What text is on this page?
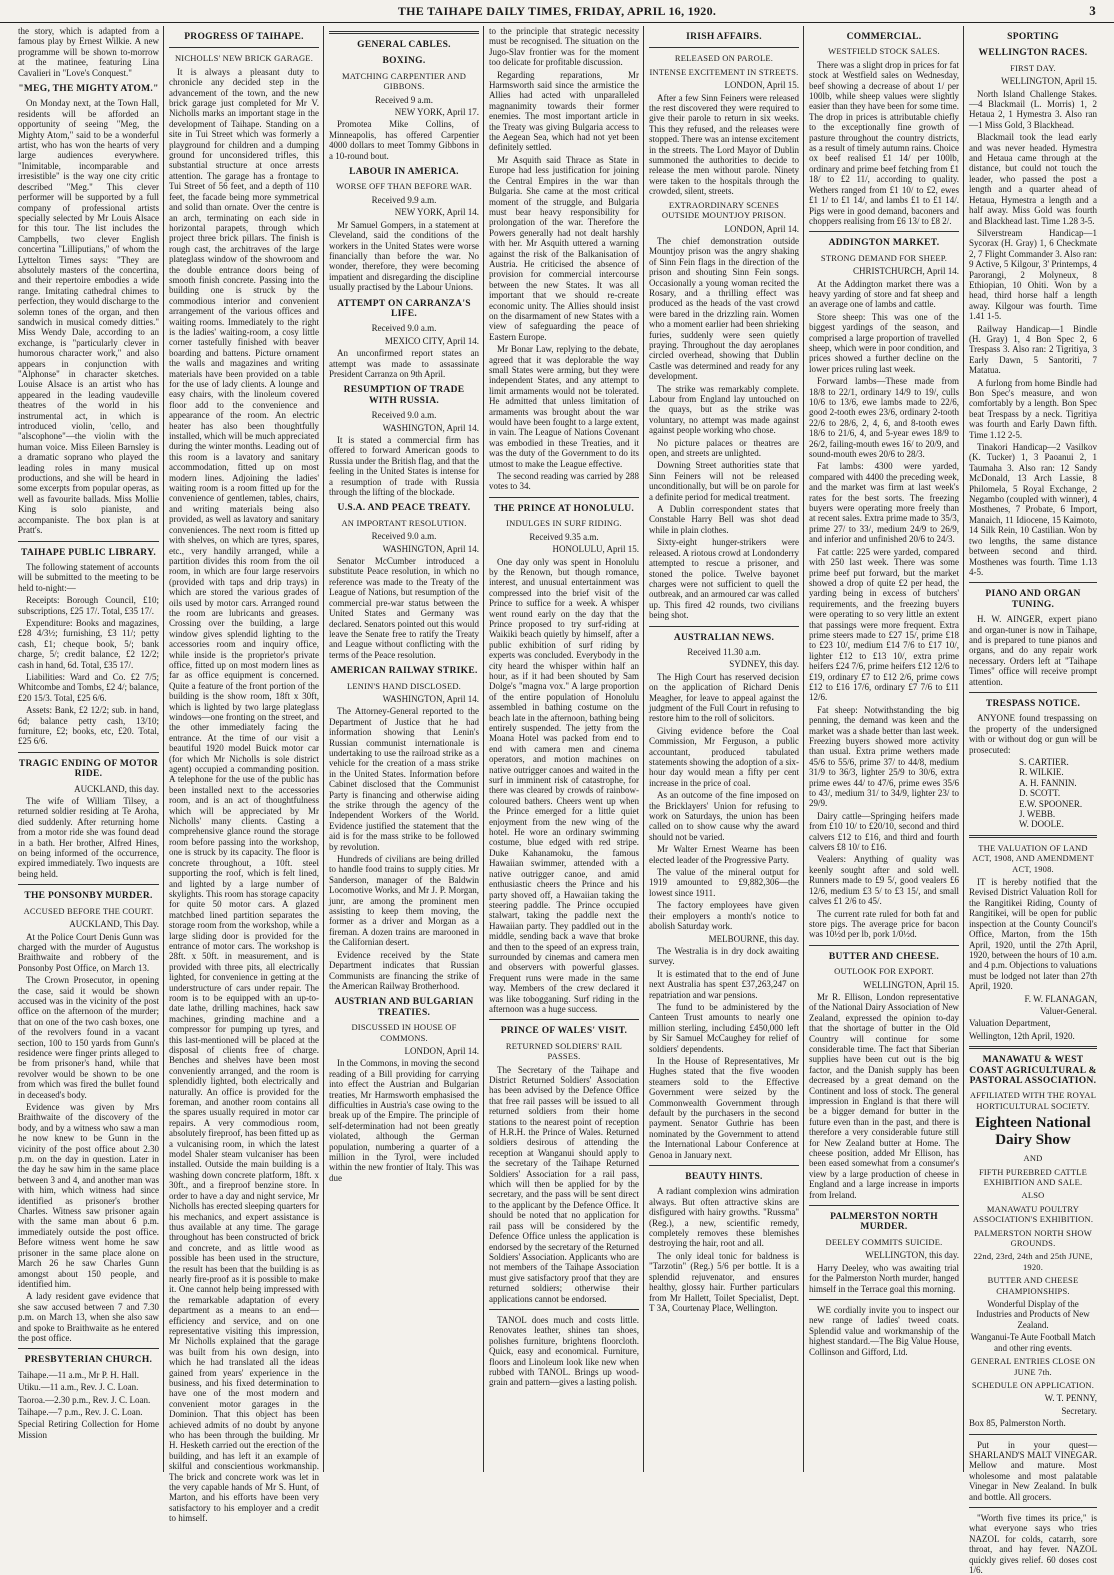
THE TAIHAPE DAILY TIMES, FRIDAY, APRIL 16, 1920.	3

the story, which is adapted from a famous play by Ernest Wilkie. A new programme will be shown to-morrow at the matinee, featuring Lina Cavalieri in "Love's Conquest."

"MEG, THE MIGHTY ATOM."

On Monday next, at the Town Hall, residents will be afforded an opportunity of seeing "Meg, the Mighty Atom," said to be a wonderful artist, who has won the hearts of very large audiences everywhere. "Inimitable, incomparable and irresistible" is the way one city critic described "Meg." This clever performer will be supported by a full company of professional artists specially selected by Mr Louis Alsace for this tour. The list includes the Campbells, two clever English concertina "Lilliputians," of whom the Lyttelton Times says: "They are absolutely masters of the concertina, and their repertoire embodies a wide range. Imitating cathedral chimes to perfection, they would discharge to the solemn tones of the organ, and then sandwich in musical comedy ditties." Miss Wendy Dale, according to an exchange, is "particularly clever in humorous character work," and also appears in conjunction with "Alphonse" in character sketches. Louise Alsace is an artist who has appeared in the leading vaudeville theatres of the world in his instrumental act, in which is introduced violin, 'cello, and "alscophone"—the violin with the human voice. Miss Eileen Barnsley is a dramatic soprano who played the leading roles in many musical productions, and she will be heard in some excerpts from popular operas, as well as favourite ballads. Miss Mollie King is solo pianiste, and accompaniste. The box plan is at Pratt's.

TAIHAPE PUBLIC LIBRARY.

The following statement of accounts will be submitted to the meeting to be held to-night:—

Receipts: Borough Council, £10; subscriptions, £25 17/. Total, £35 17/.

Expenditure: Books and magazines, £28 4/3½; furnishing, £3 11/; petty cash, £1; cheque book, 5/; bank charge, 5/; credit balance, £2 12/2; cash in hand, 6d. Total, £35 17/.

Liabilities: Ward and Co. £2 7/5; Whitcombe and Tombs, £2 4/; balance, £20 15/3. Total, £25 6/6.

Assets: Bank, £2 12/2; sub. in hand, 6d; balance petty cash, 13/10; furniture, £2; books, etc, £20. Total, £25 6/6.

TRAGIC ENDING OF MOTOR RIDE.

AUCKLAND, this day.

The wife of William Tilsey, a returned soldier residing at Te Aroha, died suddenly. After returning home from a motor ride she was found dead in a bath. Her brother, Alfred Hines, on being informed of the occurrence, expired immediately. Two inquests are being held.

THE PONSONBY MURDER.
ACCUSED BEFORE THE COURT.

AUCKLAND, This Day.

At the Police Court Denis Gunn was charged with the murder of Augustus Braithwaite and robbery of the Ponsonby Post Office, on March 13.

The Crown Prosecutor, in opening the case, said it would be shown accused was in the vicinity of the post office on the afternoon of the murder; that on one of the two cash boxes, one of the revolvers found in a vacant section, 100 to 150 yards from Gunn's residence were finger prints alleged to be from prisoner's hand, while that revolver would be shown to be one from which was fired the bullet found in deceased's body.

Evidence was given by Mrs Braithwaite of the discovery of the body, and by a witness who saw a man he now knew to be Gunn in the vicinity of the post office about 2.30 p.m. on the day in question. Later in the day he saw him in the same place between 3 and 4, and another man was with him, which witness had since identified as prisoner's brother Charles. Witness saw prisoner again with the same man about 6 p.m. immediately outside the post office. Before witness went home he saw prisoner in the same place alone on March 26 he saw Charles Gunn amongst about 150 people, and identified him.

A lady resident gave evidence that she saw accused between 7 and 7.30 p.m. on March 13, when she also saw and spoke to Braithwaite as he entered the post office.

PRESBYTERIAN CHURCH.

Taihape.—11 a.m., Mr P. H. Hall.

Utiku.—11 a.m., Rev. J. C. Loan.

Taoroa.—2.30 p.m., Rev. J. C. Loan.

Taihape.—7 p.m., Rev. J. C. Loan.

Special Retiring Collection for Home Mission

PROGRESS OF TAIHAPE.
NICHOLLS' NEW BRICK GARAGE.

It is always a pleasant duty to chronicle any decided step in the advancement of the town, and the new brick garage just completed for Mr V. Nicholls marks an important stage in the development of Taihape. Standing on a site in Tui Street which was formerly a playground for children and a dumping ground for unconsidered trifles, this substantial structure at once arrests attention. The garage has a frontage to Tui Street of 56 feet, and a depth of 110 feet, the facade being more symmetrical and solid than ornate. Over the centre is an arch, terminating on each side in horizontal parapets, through which project three brick pillars. The finish is rough cast, the architraves of the large plateglass window of the showroom and the double entrance doors being of smooth finish concrete. Passing into the building one is struck by the commodious interior and convenient arrangement of the various offices and waiting rooms. Immediately to the right is the ladies' waiting-room, a cosy little corner tastefully finished with beaver boarding and battens. Picture ornament the walls and magazines and writing materials have been provided on a table for the use of lady clients. A lounge and easy chairs, with the linoleum covered floor add to the convenience and appearance of the room. An electric heater has also been thoughtfully installed, which will be much appreciated during the winter months. Leading out of this room is a lavatory and sanitary accommodation, fitted up on most modern lines. Adjoining the ladies' waiting room is a room fitted up for the convenience of gentlemen, tables, chairs, and writing materials being also provided, as well as lavatory and sanitary conveniences. The next room is fitted up with shelves, on which are tyres, spares, etc., very handily arranged, while a partition divides this room from the oil room, in which are four large reservoirs (provided with taps and drip trays) in which are stored the various grades of oils used by motor cars. Arranged round the room are lubricants and greases. Crossing over the building, a large window gives splendid lighting to the accessories room and inquiry office, while inside is the proprietor's private office, fitted up on most modern lines as far as office equipment is concerned. Quite a feature of the front portion of the building is the show room, 18ft x 30ft, which is lighted by two large plateglass windows—one fronting on the street, and the other immediately facing the entrance. At the time of our visit a beautiful 1920 model Buick motor car (for which Mr Nicholls is sole district agent) occupied a commanding position. A telephone for the use of the public has been installed next to the accessories room, and is an act of thoughtfulness which will be appreciated by Mr Nicholls' many clients. Casting a comprehensive glance round the storage room before passing into the workshop, one is struck by its capacity. The floor is concrete throughout, a 10ft. steel supporting the roof, which is felt lined, and lighted by a large number of skylights. This room has storage capacity for quite 50 motor cars. A glazed matchbed lined partition separates the storage room from the workshop, while a large sliding door is provided for the entrance of motor cars. The workshop is 28ft. x 50ft. in measurement, and is provided with three pits, all electrically lighted, for convenience in getting at the understructure of cars under repair. The room is to be equipped with an up-to-date lathe, drilling machines, hack saw machines, grinding machine and a compressor for pumping up tyres, and this last-mentioned will be placed at the disposal of clients free of charge. Benches and shelves have been most conveniently arranged, and the room is splendidly lighted, both electrically and naturally. An office is provided for the foreman, and another room contains all the spares usually required in motor car repairs. A very commodious room, absolutely fireproof, has been fitted up as a vulcanising room, in which the latest model Shaler steam vulcaniser has been installed. Outside the main building is a washing down concrete platform, 18ft. x 30ft., and a fireproof benzine store. In order to have a day and night service, Mr Nicholls has erected sleeping quarters for his mechanics, and expert assistance is thus available at any time. The garage throughout has been constructed of brick and concrete, and as little wood as possible has been used in the structure, the result has been that the building is as nearly fire-proof as it is possible to make it. One cannot help being impressed with the remarkable adaptation of every department as a means to an end—efficiency and service, and on one representative visiting this impression, Mr Nicholls explained that the garage was built from his own design, into which he had translated all the ideas gained from years' experience in the business, and his fixed determination to have one of the most modern and convenient motor garages in the Dominion. That this object has been achieved admits of no doubt by anyone who has been through the building. Mr H. Hesketh carried out the erection of the building, and has left it an example of skilful and conscientious workmanship. The brick and concrete work was let in the very capable hands of Mr S. Hunt, of Marton, and his efforts have been very satisfactory to his employer and a credit to himself.

GENERAL CABLES.
BOXING.
MATCHING CARPENTIER AND GIBBONS.

Received 9 a.m.

NEW YORK, April 17.

Promotea Mike Collins, of Minneapolis, has offered Carpentier 4000 dollars to meet Tommy Gibbons in a 10-round bout.

LABOUR IN AMERICA.
WORSE OFF THAN BEFORE WAR.

Received 9.9 a.m.

NEW YORK, April 14.

Mr Samuel Gompers, in a statement at Cleveland, said the conditions of the workers in the United States were worse financially than before the war. No wonder, therefore, they were becoming impatient and disregarding the discipline usually practised by the Labour Unions.

ATTEMPT ON CARRANZA'S LIFE.

Received 9.0 a.m.

MEXICO CITY, April 14.

An unconfirmed report states an attempt was made to assassinate President Carranza on 9th April.

RESUMPTION OF TRADE WITH RUSSIA.

Received 9.0 a.m.

WASHINGTON, April 14.

It is stated a commercial firm has offered to forward American goods to Russia under the British flag, and that the feeling in the United States is intense for a resumption of trade with Russia through the lifting of the blockade.

U.S.A. AND PEACE TREATY.
AN IMPORTANT RESOLUTION.

Received 9.0 a.m.

WASHINGTON, April 14.

Senator McCumber introduced a substitute Peace resolution, in which no reference was made to the Treaty of the League of Nations, but resumption of the commercial pre-war status between the United States and Germany was declared. Senators pointed out this would leave the Senate free to ratify the Treaty and League without conflicting with the terms of the Peace resolution.

AMERICAN RAILWAY STRIKE.
LENIN'S HAND DISCLOSED.

WASHINGTON, April 14.

The Attorney-General reported to the Department of Justice that he had information showing that Lenin's Russian communist internationale is undertaking to use the railroad strike as a vehicle for the creation of a mass strike in the United States. Information before Cabinet disclosed that the Communist Party is financing and otherwise aiding the strike through the agency of the Independent Workers of the World. Evidence justified the statement that the aid is for the mass strike to be followed by revolution.

Hundreds of civilians are being drilled to handle food trains to supply cities. Mr Sanderson, manager of the Baldwin Locomotive Works, and Mr J. P. Morgan, junr, are among the prominent men assisting to keep them moving, the former as a driver and Morgan as a fireman. A dozen trains are marooned in the Californian desert.

Evidence received by the State Department indicates that Russian Communists are financing the strike of the American Railway Brotherhood.

AUSTRIAN AND BULGARIAN TREATIES.
DISCUSSED IN HOUSE OF COMMONS.

LONDON, April 14.

In the Commons, in moving the second reading of a Bill providing for carrying into effect the Austrian and Bulgarian treaties, Mr Harmsworth emphasised the difficulties in Austria's case owing to the break up of the Empire. The principle of self-determination had not been greatly violated, although the German population, numbering a quarter of a million in the Tyrol, were included within the new frontier of Italy. This was due

to the principle that strategic necessity must be recognised. The situation on the Jugo-Slav frontier was for the moment too delicate for profitable discussion.

Regarding reparations, Mr Harmsworth said since the armistice the Allies had acted with unparalleled magnanimity towards their former enemies. The most important article in the Treaty was giving Bulgaria access to the Aegean Sea, which had not yet been definitely settled.

Mr Asquith said Thrace as State in Europe had less justification for joining the Central Empires in the war than Bulgaria. She came at the most critical moment of the struggle, and Bulgaria must bear heavy responsibility for prolongation of the war. Therefore the Powers generally had not dealt harshly with her. Mr Asquith uttered a warning against the risk of the Balkanisation of Austria. He criticised the absence of provision for commercial intercourse between the new States. It was all important that we should re-create economic unity. The Allies should insist on the disarmament of new States with a view of safeguarding the peace of Eastern Europe.

Mr Bonar Law, replying to the debate, agreed that it was deplorable the way small States were arming, but they were independent States, and any attempt to limit armaments would not be tolerated. He admitted that unless limitation of armaments was brought about the war would have been fought to a large extent, in vain. The League of Nations Covenant was embodied in these Treaties, and it was the duty of the Government to do its utmost to make the League effective.

The second reading was carried by 288 votes to 34.

THE PRINCE AT HONOLULU.
INDULGES IN SURF RIDING.

Received 9.35 a.m.

HONOLULU, April 15.

One day only was spent in Honolulu by the Renown, but though romance, interest, and unusual entertainment was compressed into the brief visit of the Prince to suffice for a week. A whisper went round early on the day that the Prince proposed to try surf-riding at Waikiki beach quietly by himself, after a public exhibition of surf riding by experts was concluded. Everybody in the city heard the whisper within half an hour, as if it had been shouted by Sam Dolge's "magna vox." A large proportion of the entire population of Honolulu assembled in bathing costume on the beach late in the afternoon, bathing being entirely suspended. The jetty from the Moana Hotel was packed from end to end with camera men and cinema operators, and motion machines on native outrigger canoes and waited in the surf in imminent risk of catastrophe, for there was cleared by crowds of rainbow-coloured bathers. Cheers went up when the Prince emerged for a little quiet enjoyment from the new wing of the hotel. He wore an ordinary swimming costume, blue edged with red stripe. Duke Kahanamoku, the famous Hawaiian swimmer, attended with a native outrigger canoe, and amid enthusiastic cheers the Prince and his party shoved off, a Hawaiian taking the steering paddle. The Prince occupied stalwart, taking the paddle next the Hawaiian party. They paddled out in the middle, sending back a wave that broke and then to the speed of an express train, surrounded by cinemas and camera men and observers with powerful glasses. Frequent runs were made in the same way. Members of the crew declared it was like tobogganing. Surf riding in the afternoon was a huge success.

PRINCE OF WALES' VISIT.
RETURNED SOLDIERS' RAIL PASSES.

The Secretary of the Taihape and District Returned Soldiers' Association has been advised by the Defence Office that free rail passes will be issued to all returned soldiers from their home stations to the nearest point of reception of H.R.H. the Prince of Wales. Returned soldiers desirous of attending the reception at Wanganui should apply to the secretary of the Taihape Returned Soldiers' Association for a rail pass, which will then be applied for by the secretary, and the pass will be sent direct to the applicant by the Defence Office. It should be noted that no application for rail pass will be considered by the Defence Office unless the application is endorsed by the secretary of the Returned Soldiers' Association. Applicants who are not members of the Taihape Association must give satisfactory proof that they are returned soldiers; otherwise their applications cannot be endorsed.

TANOL does much and costs little. Renovates leather, shines tan shoes, polishes furniture, brightens floorcloth. Quick, easy and economical. Furniture, floors and Linoleum look like new when rubbed with TANOL. Brings up wood-grain and pattern—gives a lasting polish.

IRISH AFFAIRS.
RELEASED ON PAROLE.
INTENSE EXCITEMENT IN STREETS.

LONDON, April 15.

After a few Sinn Feiners were released the rest discovered they were required to give their parole to return in six weeks. This they refused, and the releases were stopped. There was an intense excitement in the streets. The Lord Mayor of Dublin summoned the authorities to decide to release the men without parole. Ninety were taken to the hospitals through the crowded, silent, streets.

EXTRAORDINARY SCENES OUTSIDE MOUNTJOY PRISON.

LONDON, April 14.

The chief demonstration outside Mountjoy prison was the angry shaking of Sinn Fein flags in the direction of the prison and shouting Sinn Fein songs. Occasionally a young woman recited the Rosary, and a thrilling effect was produced as the heads of the vast crowd were bared in the drizzling rain. Women who a moment earlier had been shrieking furies, suddenly were seen quietly praying. Throughout the day aeroplanes circled overhead, showing that Dublin Castle was determined and ready for any development.

The strike was remarkably complete. Labour from England lay untouched on the quays, but as the strike was voluntary, no attempt was made against against people working who chose.

No picture palaces or theatres are open, and streets are unlighted.

Downing Street authorities state that Sinn Feiners will not be released unconditionally, but will be on parole for a definite period for medical treatment.

A Dublin correspondent states that Constable Harry Bell was shot dead while in plain clothes.

Sixty-eight hunger-strikers were released. A riotous crowd at Londonderry attempted to rescue a prisoner, and stoned the police. Twelve bayonet charges were not sufficient to quell the outbreak, and an armoured car was called up. This fired 42 rounds, two civilians being shot.

AUSTRALIAN NEWS.

Received 11.30 a.m.

SYDNEY, this day.

The High Court has reserved decision on the application of Richard Denis Meagher, for leave to appeal against the judgment of the Full Court in refusing to restore him to the roll of solicitors.

Giving evidence before the Coal Commission, Mr Ferguson, a public accountant, produced tabulated statements showing the adoption of a six-hour day would mean a fifty per cent increase in the price of coal.

As an outcome of the fine imposed on the Bricklayers' Union for refusing to work on Saturdays, the union has been called on to show cause why the award should not be varied.

Mr Walter Ernest Wearne has been elected leader of the Progressive Party.

The value of the mineral output for 1919 amounted to £9,882,306—the lowest since 1911.

The factory employees have given their employers a month's notice to abolish Saturday work.

MELBOURNE, this day.

The Westralia is in dry dock awaiting survey.

It is estimated that to the end of June next Australia has spent £37,263,247 on repatriation and war pensions.

The fund to be administered by the Canteen Trust amounts to nearly one million sterling, including £450,000 left by Sir Samuel McCaughey for relief of soldiers' dependents.

In the House of Representatives, Mr Hughes stated that the five wooden steamers sold to the Effective Government were seized by the Commonwealth Government through default by the purchasers in the second payment. Senator Guthrie has been nominated by the Government to attend the International Labour Conference at Genoa in January next.

BEAUTY HINTS.

A radiant complexion wins admiration always. But often attractive skins are disfigured with hairy growths. "Russma" (Reg.), a new, scientific remedy, completely removes these blemishes destroying the hair, root and all.

The only ideal tonic for baldness is "Tarzotin" (Reg.) 5/6 per bottle. It is a splendid rejuvenator, and ensures healthy, glossy hair. Further particulars from Mr Hallett, Toilet Specialist, Dept. T 3A, Courtenay Place, Wellington.

COMMERCIAL.
WESTFIELD STOCK SALES.

There was a slight drop in prices for fat stock at Westfield sales on Wednesday, beef showing a decrease of about 1/ per 100lb, while sheep values were slightly easier than they have been for some time. The drop in prices is attributable chiefly to the exceptionally fine growth of pasture throughout the country districts, as a result of timely autumn rains. Choice ox beef realised £1 14/ per 100lb, ordinary and prime beef fetching from £1 18/ to £2 11/, according to quality. Wethers ranged from £1 10/ to £2, ewes £1 1/ to £1 14/, and lambs £1 to £1 14/. Pigs were in good demand, baconers and choppers realising from £6 13/ to £8 2/.

ADDINGTON MARKET.
STRONG DEMAND FOR SHEEP.

CHRISTCHURCH, April 14.

At the Addington market there was a heavy yarding of store and fat sheep and an average one of lambs and cattle.

Store sheep: This was one of the biggest yardings of the season, and comprised a large proportion of travelled sheep, which were in poor condition, and prices showed a further decline on the lower prices ruling last week.

Forward lambs—These made from 18/8 to 22/1, ordinary 14/9 to 19/, culls 10/6 to 13/6, ewe lambs made to 22/6, good 2-tooth ewes 23/6, ordinary 2-tooth 22/6 to 28/6, 2, 4, 6, and 8-tooth ewes 18/6 to 21/6, 4, and 5-year ewes 18/9 to 26/2, failing-mouth ewes 16/ to 20/9, and sound-mouth ewes 20/6 to 28/3.

Fat lambs: 4300 were yarded, compared with 4400 the preceding week, and the market was firm at last week's rates for the best sorts. The freezing buyers were operating more freely than at recent sales. Extra prime made to 35/3, prime 27/ to 33/, medium 24/9 to 26/9, and inferior and unfinished 20/6 to 24/3.

Fat cattle: 225 were yarded, compared with 250 last week. There was some prime beef put forward, but the market showed a drop of quite £2 per head, the yarding being in excess of butchers' requirements, and the freezing buyers were operating to so very little an extent that passings were more frequent. Extra prime steers made to £27 15/, prime £18 to £23 10/, medium £14 7/6 to £17 10/, lighter £12 to £13 10/, extra prime heifers £24 7/6, prime heifers £12 12/6 to £19, ordinary £7 to £12 2/6, prime cows £12 to £16 17/6, ordinary £7 7/6 to £11 12/6.

Fat sheep: Notwithstanding the big penning, the demand was keen and the market was a shade better than last week. Freezing buyers showed more activity than usual. Extra prime wethers made 45/6 to 55/6, prime 37/ to 44/8, medium 31/9 to 36/3, lighter 25/9 to 30/6, extra prime ewes 44/ to 47/6, prime ewes 35/6 to 43/, medium 31/ to 34/9, lighter 23/ to 29/9.

Dairy cattle—Springing heifers made from £10 10/ to £20/10, second and third calvers £12 to £16, and third and fourth calvers £8 10/ to £16.

Vealers: Anything of quality was keenly sought after and sold well. Runners made to £9 5/, good vealers £6 12/6, medium £3 5/ to £3 15/, and small calves £1 2/6 to 45/.

The current rate ruled for both fat and store pigs. The average price for bacon was 10½d per lb, pork 1/0½d.

BUTTER AND CHEESE.
OUTLOOK FOR EXPORT.

WELLINGTON, April 15.

Mr R. Ellison, London representative of the National Dairy Association of New Zealand, expressed the opinion to-day that the shortage of butter in the Old Country will continue for some considerable time. The fact that Siberian supplies have been cut out is the big factor, and the Danish supply has been decreased by a great demand on the Continent and loss of stock. The general impression in England is that there will be a bigger demand for butter in the future even than in the past, and there is therefore a very considerable future still for New Zealand butter at Home. The cheese position, added Mr Ellison, has been eased somewhat from a consumer's view by a large production of cheese in England and a large increase in imports from Ireland.

PALMERSTON NORTH MURDER.
DEELEY COMMITS SUICIDE.

WELLINGTON, this day.

Harry Deeley, who was awaiting trial for the Palmerston North murder, hanged himself in the Terrace goal this morning.

WE cordially invite you to inspect our new range of ladies' tweed coats. Splendid value and workmanship of the highest standard.—The Big Value House, Collinson and Gifford, Ltd.

SPORTING
WELLINGTON RACES.
FIRST DAY.

WELLINGTON, April 15.

North Island Challenge Stakes.—4 Blackmail (L. Morris) 1, 2 Hetaua 2, 1 Hymestra 3. Also ran—1 Miss Gold, 3 Blackhead.

Blackmail took the lead early and was never headed. Hymestra and Hetaua came through at the distance, but could not touch the leader, who passed the post a length and a quarter ahead of Hetaua, Hymestra a length and a half away. Miss Gold was fourth and Blackhead last. Time 1.28 3-5.

Silverstream Handicap—1 Sycorax (H. Gray) 1, 6 Checkmate 2, 7 Flight Commander 3. Also ran: 9 Active, 5 Kilgour, 3' Printemps, 4 Parorangi, 2 Molyneux, 8 Ethiopian, 10 Ohiti. Won by a head, third horse half a length away. Kilgour was fourth. Time 1.41 1-5.

Railway Handicap—1 Bindle (H. Gray) 1, 4 Bon Spec 2, 6 Trespass 3. Also ran: 2 Tigritiya, 3 Early Dawn, 5 Santoriti, 7 Matatua.

A furlong from home Bindle had Bon Spec's measure, and won comfortably by a length. Bon Spec beat Trespass by a neck. Tigritiya was fourth and Early Dawn fifth. Time 1.12 2-5.

Tinakori Handicap—2 Vasilkov (K. Tucker) 1, 3 Paoanui 2, 1 Taumaha 3. Also ran: 12 Sandy McDonald, 13 Arch Lassie, 8 Philomela, 5 Royal Exchange, 2 Negambo (coupled with winner), 4 Mosthenes, 7 Probate, 6 Import, Manaich, 11 Idiocene, 15 Kaimoto, 14 Silk Rein, 10 Castilian. Won by two lengths, the same distance between second and third. Mosthenes was fourth. Time 1.13 4-5.

PIANO AND ORGAN TUNING.

H. W. AINGER, expert piano and organ-tuner is now in Taihape, and is prepared to tune pianos and organs, and do any repair work necessary. Orders left at "Taihape Times" office will receive prompt attention.

TRESPASS NOTICE.

ANYONE found trespassing on the property of the undersigned with or without dog or gun will be prosecuted:

S. CARTIER.
R. WILKIE.
A. H. FANNIN.
D. SCOTT.
E.W. SPOONER.
J. WEBB.
W. DOOLE.
THE VALUATION OF LAND ACT, 1908, AND AMENDMENT ACT, 1908.

IT is hereby notified that the Revised District Valuation Roll for the Rangitikei Riding, County of Rangitikei, will be open for public inspection at the County Council's Office, Marton, from the 15th April, 1920, until the 27th April, 1920, between the hours of 10 a.m. and 4 p.m. Objections to valuations must be lodged not later than 27th April, 1920.

F. W. FLANAGAN,

Valuer-General.

Valuation Department,

Wellington, 12th April, 1920.

MANAWATU & WEST COAST AGRICULTURAL & PASTORAL ASSOCIATION.
AFFILIATED WITH THE ROYAL HORTICULTURAL SOCIETY.
Eighteen National Dairy Show
AND
FIFTH PUREBRED CATTLE EXHIBITION AND SALE.
ALSO
MANAWATU POULTRY ASSOCIATION'S EXHIBITION.
PALMERSTON NORTH SHOW GROUNDS.
22nd, 23rd, 24th and 25th JUNE, 1920.
BUTTER AND CHEESE CHAMPIONSHIPS.

Wonderful Display of the Industries and Products of New Zealand.

Wanganui-Te Aute Football Match and other ring events.

GENERAL ENTRIES CLOSE ON JUNE 7th.
SCHEDULE ON APPLICATION.

W. T. PENNY,

Secretary.

Box 85, Palmerston North.

Put in your quest—SHARLAND'S MALT VINEGAR. Mellow and mature. Most wholesome and most palatable Vinegar in New Zealand. In bulk and bottle. All grocers.

"Worth five times its price," is what everyone says who tries NAZOL for colds, catarrh, sore throat, and hay fever. NAZOL quickly gives relief. 60 doses cost 1/6.
